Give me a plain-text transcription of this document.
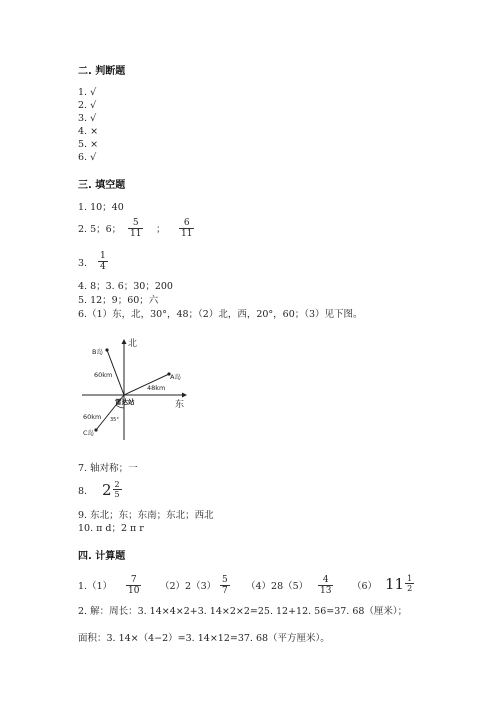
二. 判断题
1. √
2. √
3. √
4. ×
5. ×
6. √
三. 填空题
1. 10；40
2. 5；6； $\frac{5}{11}$ ； $\frac{6}{11}$
3. $\frac{1}{4}$
4. 8；3. 6；30；200
5. 12；9；60；六
6.（1）东，北，30°，48；（2）北，西，20°，60；（3）见下图。
北
东
雷达站
B岛
A岛
C岛
60km
48km
60km 35°
7. 轴对称；一
8. $2 \frac{2}{5}$
9. 东北；东；东南；东北；西北
10. π d；2 π r
四. 计算题
$1.(1) \frac{7}{10} (2)2(3) \frac{5}{7} (4)28(5) \frac{4}{13} (6)$ $11 \frac{1}{2}$
2. 解：周长：3. 14×4×2+3. 14×2×2=25. 12+12. 56=37. 68（厘米）；
面积：3. 14×（4−2）=3. 14×12=37. 68（平方厘米）。
